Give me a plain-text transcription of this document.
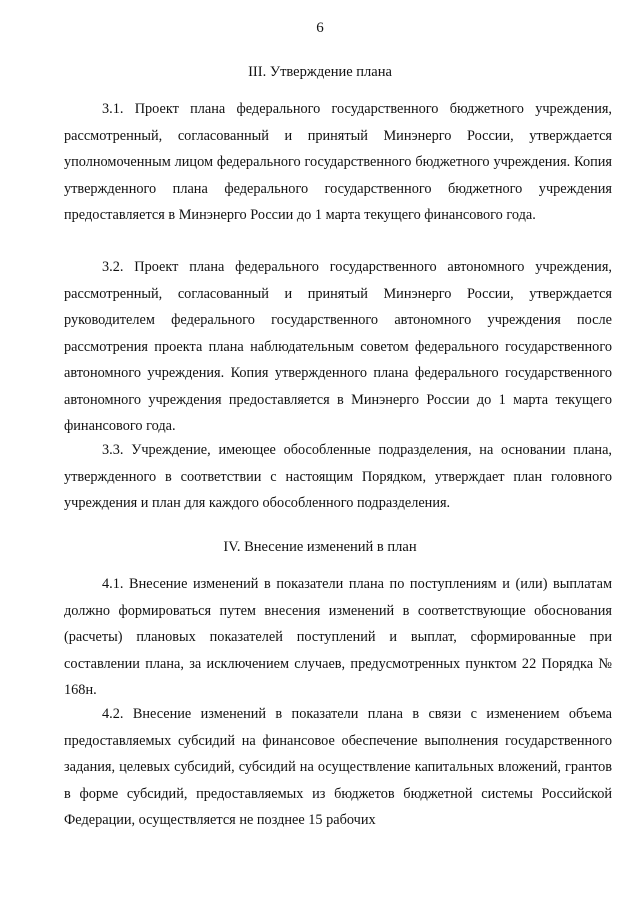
6
III. Утверждение плана

3.1. Проект плана федерального государственного бюджетного учреждения, рассмотренный, согласованный и принятый Минэнерго России, утверждается уполномоченным лицом федерального государственного бюджетного учреждения. Копия утвержденного плана федерального государственного бюджетного учреждения предоставляется в Минэнерго России до 1 марта текущего финансового года.

3.2. Проект плана федерального государственного автономного учреждения, рассмотренный, согласованный и принятый Минэнерго России, утверждается руководителем федерального государственного автономного учреждения после рассмотрения проекта плана наблюдательным советом федерального государственного автономного учреждения. Копия утвержденного плана федерального государственного автономного учреждения предоставляется в Минэнерго России до 1 марта текущего финансового года.

3.3. Учреждение, имеющее обособленные подразделения, на основании плана, утвержденного в соответствии с настоящим Порядком, утверждает план головного учреждения и план для каждого обособленного подразделения.

IV. Внесение изменений в план

4.1. Внесение изменений в показатели плана по поступлениям и (или) выплатам должно формироваться путем внесения изменений в соответствующие обоснования (расчеты) плановых показателей поступлений и выплат, сформированные при составлении плана, за исключением случаев, предусмотренных пунктом 22 Порядка № 168н.

4.2. Внесение изменений в показатели плана в связи с изменением объема предоставляемых субсидий на финансовое обеспечение выполнения государственного задания, целевых субсидий, субсидий на осуществление капитальных вложений, грантов в форме субсидий, предоставляемых из бюджетов бюджетной системы Российской Федерации, осуществляется не позднее 15 рабочих
